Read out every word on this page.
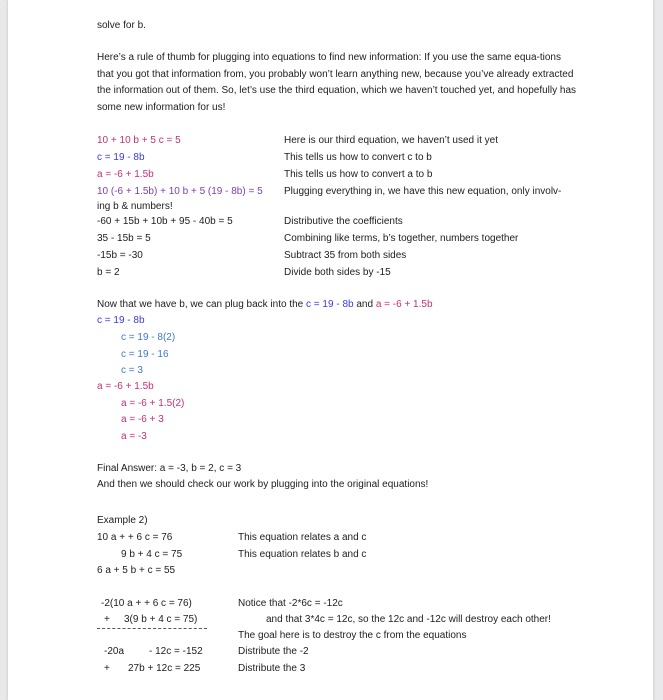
solve for b.
Here’s a rule of thumb for plugging into equations to find new information: If you use the same equa-tions that you got that information from, you probably won’t learn anything new, because you’ve already extracted the information out of them. So, let’s use the third equation, which we haven’t touched yet, and hopefully has some new information for us!
10 + 10 b + 5 c = 5
c = 19 - 8b
a = -6 + 1.5b
10 (-6 + 1.5b) + 10 b + 5 (19 - 8b) = 5
ing b & numbers!
-60 + 15b + 10b + 95 - 40b = 5
35 - 15b = 5
-15b = -30
b = 2
Here is our third equation, we haven’t used it yet
This tells us how to convert c to b
This tells us how to convert a to b
Plugging everything in, we have this new equation, only involv-
Distributive the coefficients
Combining like terms, b’s together, numbers together
Subtract 35 from both sides
Divide both sides by -15
Now that we have b, we can plug back into the c = 19 - 8b and a = -6 + 1.5b
c = 19 - 8b
c = 19 - 8(2)
c = 19 - 16
c = 3
a = -6 + 1.5b
a = -6 + 1.5(2)
a = -6 + 3
a = -3
Final Answer: a = -3, b = 2, c = 3
And then we should check our work by plugging into the original equations!
Example 2)
10 a + + 6 c = 76
9 b + 4 c = 75
6 a + 5 b + c = 55
This equation relates a and c
This equation relates b and c
-2(10 a + + 6 c = 76)
+ 3(9 b + 4 c = 75)
-20a - 12c = -152
+ 27b + 12c = 225
Notice that -2*6c = -12c
and that 3*4c = 12c, so the 12c and -12c will destroy each other!
The goal here is to destroy the c from the equations
Distribute the -2
Distribute the 3
